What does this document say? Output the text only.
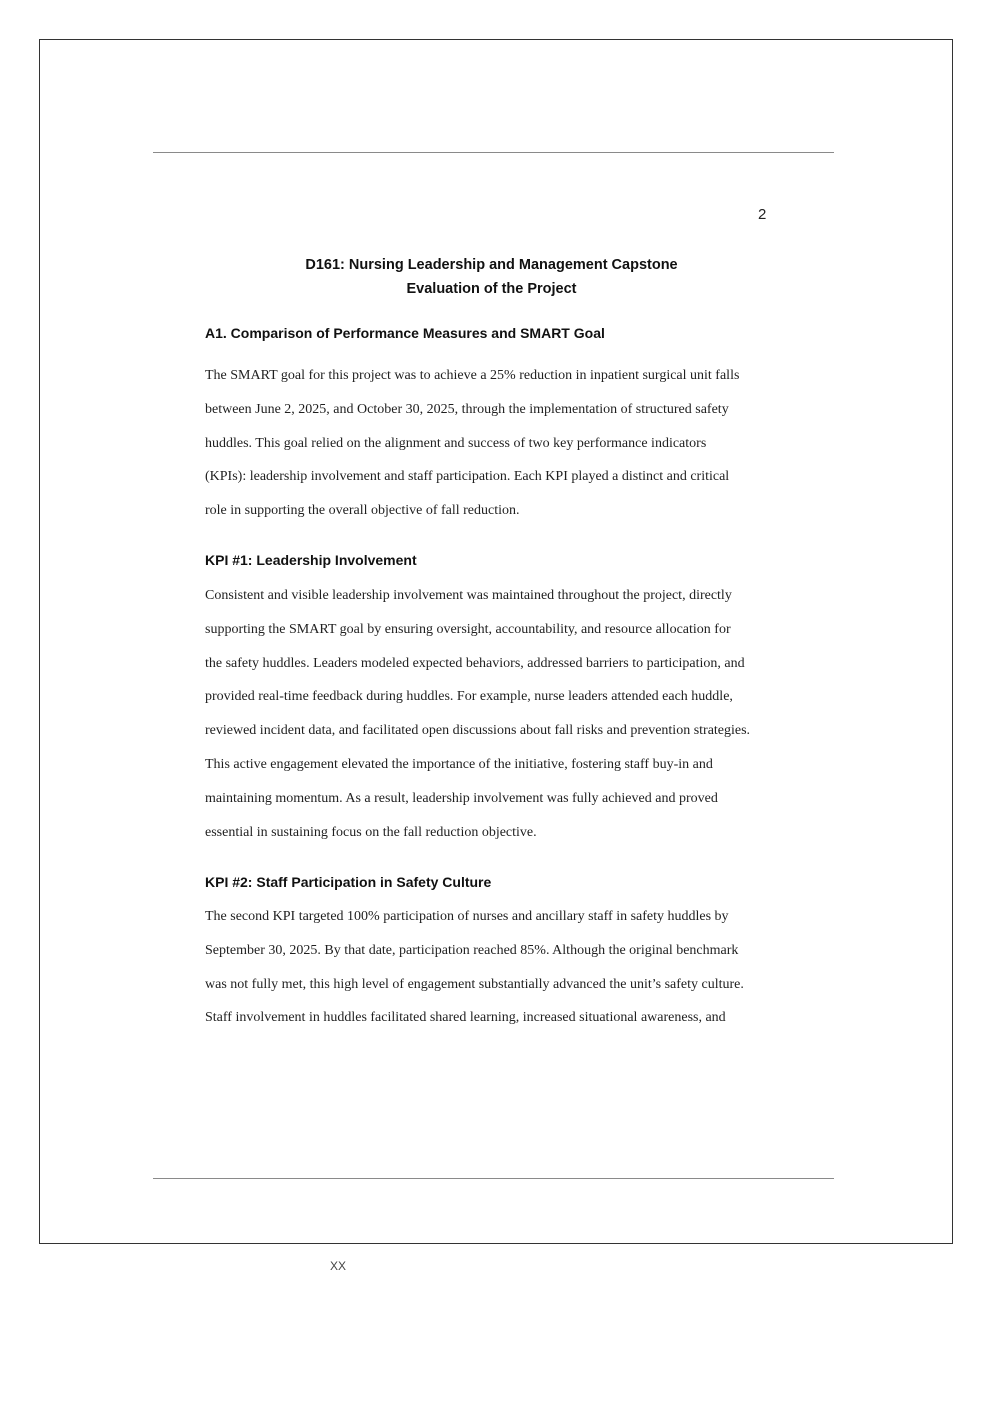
2
D161: Nursing Leadership and Management Capstone
Evaluation of the Project
A1. Comparison of Performance Measures and SMART Goal
The SMART goal for this project was to achieve a 25% reduction in inpatient surgical unit falls
between June 2, 2025, and October 30, 2025, through the implementation of structured safety
huddles. This goal relied on the alignment and success of two key performance indicators
(KPIs): leadership involvement and staff participation. Each KPI played a distinct and critical
role in supporting the overall objective of fall reduction.
KPI #1: Leadership Involvement
Consistent and visible leadership involvement was maintained throughout the project, directly
supporting the SMART goal by ensuring oversight, accountability, and resource allocation for
the safety huddles. Leaders modeled expected behaviors, addressed barriers to participation, and
provided real-time feedback during huddles. For example, nurse leaders attended each huddle,
reviewed incident data, and facilitated open discussions about fall risks and prevention strategies.
This active engagement elevated the importance of the initiative, fostering staff buy-in and
maintaining momentum. As a result, leadership involvement was fully achieved and proved
essential in sustaining focus on the fall reduction objective.
KPI #2: Staff Participation in Safety Culture
The second KPI targeted 100% participation of nurses and ancillary staff in safety huddles by
September 30, 2025. By that date, participation reached 85%. Although the original benchmark
was not fully met, this high level of engagement substantially advanced the unit’s safety culture.
Staff involvement in huddles facilitated shared learning, increased situational awareness, and
XX
